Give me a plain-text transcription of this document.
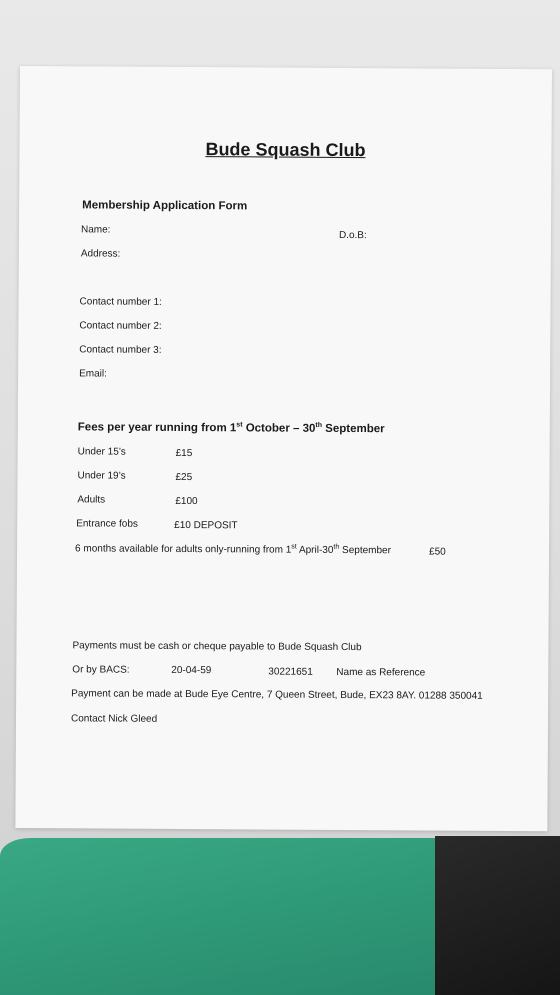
Bude Squash Club
Membership Application Form
Name:	D.o.B:
Address:
Contact number 1:
Contact number 2:
Contact number 3:
Email:
Fees per year running from 1st October – 30th September
Under 15’s	£15
Under 19’s	£25
Adults	£100
Entrance fobs	£10 DEPOSIT
6 months available for adults only-running from 1st April-30th September	£50
Payments must be cash or cheque payable to Bude Squash Club
Or by BACS:	20-04-59	30221651 Name as Reference
Payment can be made at Bude Eye Centre, 7 Queen Street, Bude, EX23 8AY. 01288 350041
Contact Nick Gleed
